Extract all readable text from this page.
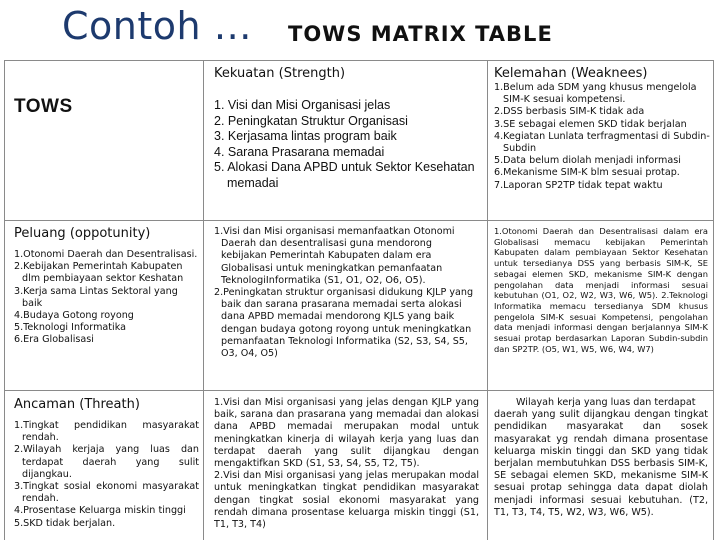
Contoh … TOWS MATRIX TABLE
TOWS
Kekuatan (Strength)
1. Visi dan Misi Organisasi jelas
2. Peningkatan Struktur Organisasi
3. Kerjasama lintas program baik
4. Sarana Prasarana memadai
5. Alokasi Dana APBD untuk Sektor Kesehatan memadai
Kelemahan (Weaknees)
1.Belum ada SDM yang khusus mengelola SIM-K sesuai kompetensi.
2.DSS berbasis SIM-K tidak ada
3.SE sebagai elemen SKD tidak berjalan
4.Kegiatan Lunlata terfragmentasi di Subdin-Subdin
5.Data belum diolah menjadi informasi
6.Mekanisme SIM-K blm sesuai protap.
7.Laporan SP2TP tidak tepat waktu
Peluang (oppotunity)
1.Otonomi Daerah dan Desentralisasi.
2.Kebijakan Pemerintah Kabupaten dlm pembiayaan sektor Keshatan
3.Kerja sama Lintas Sektoral yang baik
4.Budaya Gotong royong
5.Teknologi Informatika
6.Era Globalisasi

1.Visi dan Misi organisasi memanfaatkan Otonomi Daerah dan desentralisasi guna mendorong kebijakan Pemerintah Kabupaten dalam era Globalisasi untuk meningkatkan pemanfaatan TeknologiInformatika (S1, O1, O2, O6, O5).

2.Peningkatan struktur organisasi didukung KJLP yang baik dan sarana prasarana memadai serta alokasi dana APBD memadai mendorong KJLS yang baik dengan budaya gotong royong untuk meningkatkan pemanfaatan Teknologi Informatika (S2, S3, S4, S5, O3, O4, O5)

1.Otonomi Daerah dan Desentralisasi dalam era Globalisasi memacu kebijakan Pemerintah Kabupaten dalam pembiayaan Sektor Kesehatan untuk tersedianya DSS yang berbasis SIM-K, SE sebagai elemen SKD, mekanisme SIM-K dengan pengolahan data menjadi informasi sesuai kebutuhan (O1, O2, W2, W3, W6, W5). 2.Teknologi Informatika memacu tersedianya SDM khusus pengelola SIM-K sesuai Kompetensi, pengolahan data menjadi informasi dengan berjalannya SIM-K sesuai protap berdasarkan Laporan Subdin-subdin dan SP2TP. (O5, W1, W5, W6, W4, W7)
Ancaman (Threath)
1.Tingkat pendidikan masyarakat rendah.
2.Wilayah kerjaja yang luas dan terdapat daerah yang sulit dijangkau.
3.Tingkat sosial ekonomi masyarakat rendah.
4.Prosentase Keluarga miskin tinggi
5.SKD tidak berjalan.

1.Visi dan Misi organisasi yang jelas dengan KJLP yang baik, sarana dan prasarana yang memadai dan alokasi dana APBD memadai merupakan modal untuk meningkatkan kinerja di wilayah kerja yang luas dan terdapat daerah yang sulit dijangkau dengan mengaktifkan SKD (S1, S3, S4, S5, T2, T5).

2.Visi dan Misi organisasi yang jelas merupakan modal untuk meningkatkan tingkat pendidikan masyarakat dengan tingkat sosial ekonomi masyarakat yang rendah dimana prosentase keluarga miskin tinggi (S1, T1, T3, T4)

Wilayah kerja yang luas dan terdapat
daerah yang sulit dijangkau dengan tingkat pendidikan masyarakat dan sosek masyarakat yg rendah dimana prosentase keluarga miskin tinggi dan SKD yang tidak berjalan membutuhkan DSS berbasis SIM-K, SE sebagai elemen SKD, mekanisme SIM-K sesuai protap sehingga data dapat diolah menjadi informasi sesuai kebutuhan. (T2, T1, T3, T4, T5, W2, W3, W6, W5).
